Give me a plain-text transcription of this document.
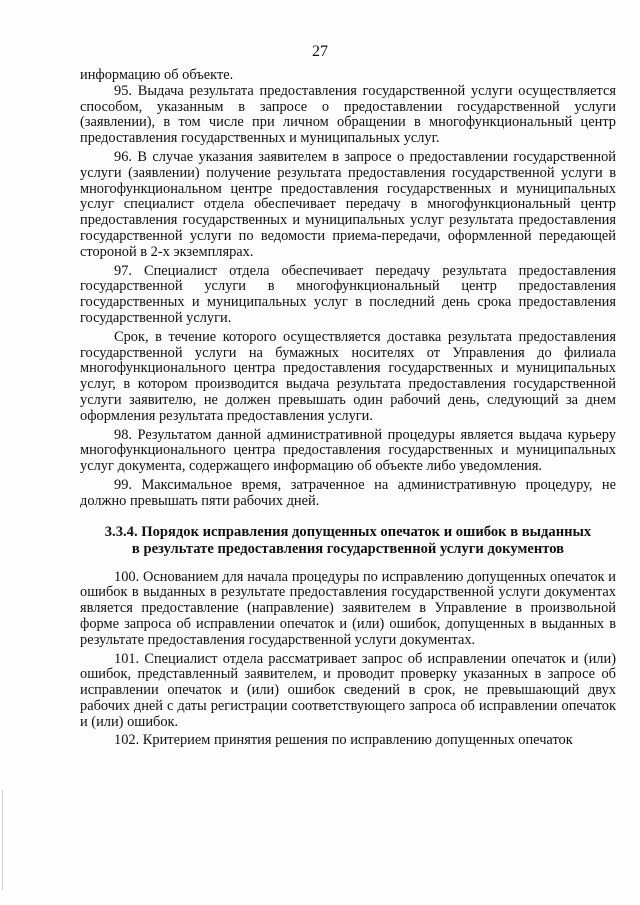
27

информацию об объекте.

95. Выдача результата предоставления государственной услуги осуществляется способом, указанным в запросе о предоставлении государственной услуги (заявлении), в том числе при личном обращении в многофункциональный центр предоставления государственных и муниципальных услуг.

96. В случае указания заявителем в запросе о предоставлении государственной услуги (заявлении) получение результата предоставления государственной услуги в многофункциональном центре предоставления государственных и муниципальных услуг специалист отдела обеспечивает передачу в многофункциональный центр предоставления государственных и муниципальных услуг результата предоставления государственной услуги по ведомости приема-передачи, оформленной передающей стороной в 2-х экземплярах.

97. Специалист отдела обеспечивает передачу результата предоставления государственной услуги в многофункциональный центр предоставления государственных и муниципальных услуг в последний день срока предоставления государственной услуги.

Срок, в течение которого осуществляется доставка результата предоставления государственной услуги на бумажных носителях от Управления до филиала многофункционального центра предоставления государственных и муниципальных услуг, в котором производится выдача результата предоставления государственной услуги заявителю, не должен превышать один рабочий день, следующий за днем оформления результата предоставления услуги.

98. Результатом данной административной процедуры является выдача курьеру многофункционального центра предоставления государственных и муниципальных услуг документа, содержащего информацию об объекте либо уведомления.

99. Максимальное время, затраченное на административную процедуру, не должно превышать пяти рабочих дней.

3.3.4. Порядок исправления допущенных опечаток и ошибок в выданных
в результате предоставления государственной услуги документов

100. Основанием для начала процедуры по исправлению допущенных опечаток и ошибок в выданных в результате предоставления государственной услуги документах является предоставление (направление) заявителем в Управление в произвольной форме запроса об исправлении опечаток и (или) ошибок, допущенных в выданных в результате предоставления государственной услуги документах.

101. Специалист отдела рассматривает запрос об исправлении опечаток и (или) ошибок, представленный заявителем, и проводит проверку указанных в запросе об исправлении опечаток и (или) ошибок сведений в срок, не превышающий двух рабочих дней с даты регистрации соответствующего запроса об исправлении опечаток и (или) ошибок.

102. Критерием принятия решения по исправлению допущенных опечаток
